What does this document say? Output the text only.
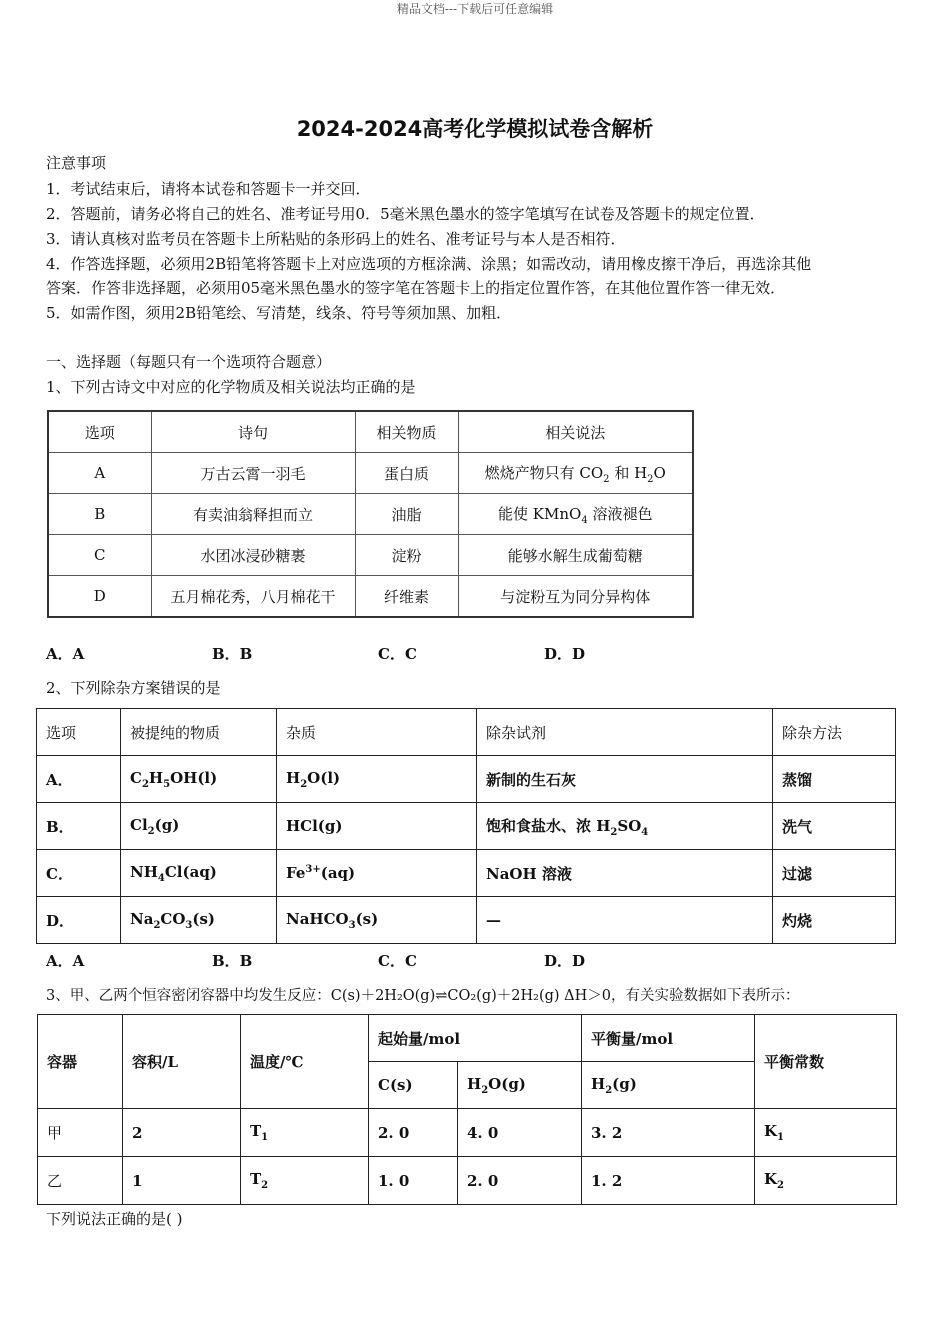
精品文档---下载后可任意编辑
2024-2024高考化学模拟试卷含解析
注意事项
1．考试结束后，请将本试卷和答题卡一并交回．
2．答题前，请务必将自己的姓名、准考证号用0．5毫米黑色墨水的签字笔填写在试卷及答题卡的规定位置．
3．请认真核对监考员在答题卡上所粘贴的条形码上的姓名、准考证号与本人是否相符．
4．作答选择题，必须用2B铅笔将答题卡上对应选项的方框涂满、涂黑；如需改动，请用橡皮擦干净后，再选涂其他
答案．作答非选择题，必须用05毫米黑色墨水的签字笔在答题卡上的指定位置作答，在其他位置作答一律无效．
5．如需作图，须用2B铅笔绘、写清楚，线条、符号等须加黑、加粗．
一、选择题（每题只有一个选项符合题意）
1、下列古诗文中对应的化学物质及相关说法均正确的是
选项	诗句	相关物质	相关说法
A	万古云霄一羽毛	蛋白质	燃烧产物只有 $CO_2$ 和 $H_2O$
B	有卖油翁释担而立	油脂	能使 KMnO$_4$ 溶液褪色
C	水团冰浸砂糖裹	淀粉	能够水解生成葡萄糖
D	五月棉花秀，八月棉花干	纤维素	与淀粉互为同分异构体
A．A	B．B	C．C	D．D
2、下列除杂方案错误的是
选项	被提纯的物质	杂质	除杂试剂	除杂方法
A．	$C_2H_5OH(l)$	$H_2O(l)$	新制的生石灰	蒸馏
B．	$Cl_2(g)$	HCl(g)	饱和食盐水、浓 $H_2SO_4$	洗气
C．	$NH_4Cl(aq)$	$Fe^{3+}(aq)$	NaOH 溶液	过滤
D．	$Na_2CO_3(s)$	NaHCO$_3$(s)	—	灼烧
A．A	B．B	C．C	D．D
3、甲、乙两个恒容密闭容器中均发生反应：C(s)＋2H₂O(g)⇌CO₂(g)＋2H₂(g) ΔH＞0，有关实验数据如下表所示：
容器	容积/L	温度/℃	起始量/mol		平衡量/mol	平衡常数
			C(s)	$H_2O(g)$	$H_2(g)$	
甲	2	$T_1$	2. 0	4. 0	3. 2	$K_1$
乙	1	$T_2$	1. 0	2. 0	1. 2	$K_2$
下列说法正确的是( )
